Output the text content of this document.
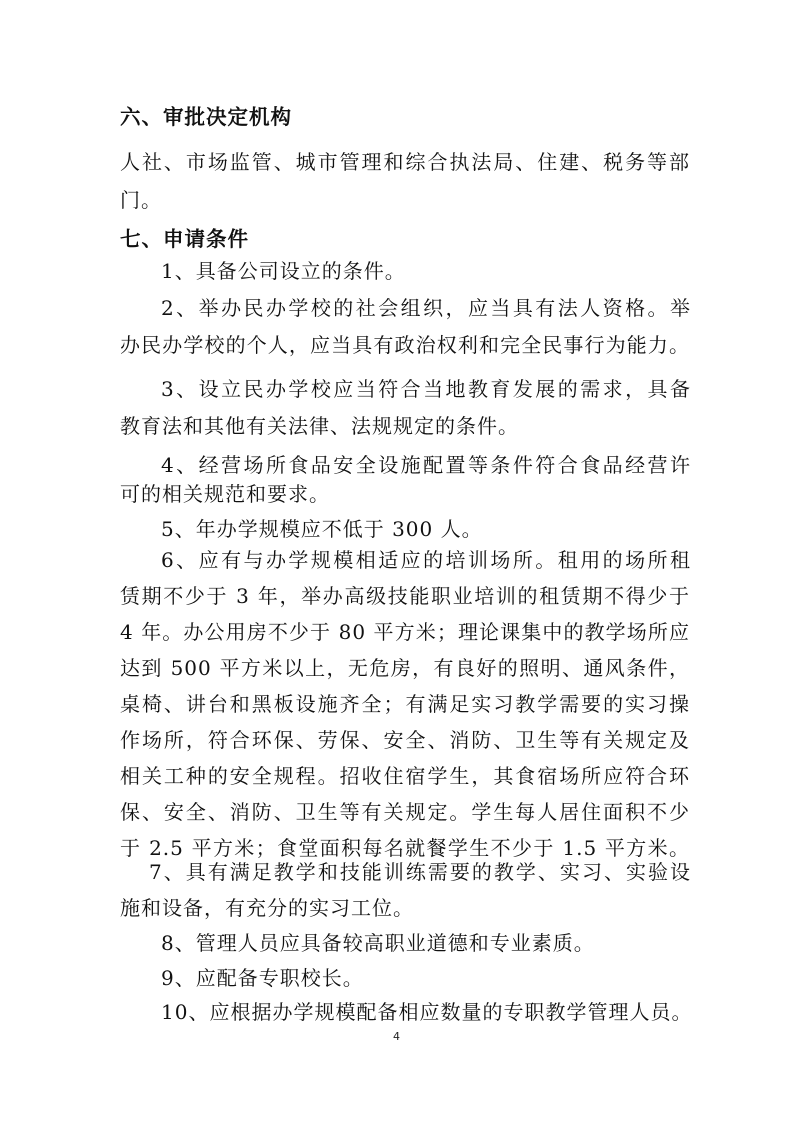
六、审批决定机构
人社、市场监管、城市管理和综合执法局、住建、税务等部
门。
七、申请条件
1、具备公司设立的条件。
2、举办民办学校的社会组织，应当具有法人资格。举
办民办学校的个人，应当具有政治权利和完全民事行为能力。
3、设立民办学校应当符合当地教育发展的需求，具备
教育法和其他有关法律、法规规定的条件。
4、经营场所食品安全设施配置等条件符合食品经营许
可的相关规范和要求。
5、年办学规模应不低于 300 人。
6、应有与办学规模相适应的培训场所。租用的场所租
赁期不少于 3 年，举办高级技能职业培训的租赁期不得少于
4 年。办公用房不少于 80 平方米；理论课集中的教学场所应
达到 500 平方米以上，无危房，有良好的照明、通风条件，
桌椅、讲台和黑板设施齐全；有满足实习教学需要的实习操
作场所，符合环保、劳保、安全、消防、卫生等有关规定及
相关工种的安全规程。招收住宿学生，其食宿场所应符合环
保、安全、消防、卫生等有关规定。学生每人居住面积不少
于 2.5 平方米；食堂面积每名就餐学生不少于 1.5 平方米。
7、具有满足教学和技能训练需要的教学、实习、实验设
施和设备，有充分的实习工位。
8、管理人员应具备较高职业道德和专业素质。
9、应配备专职校长。
10、应根据办学规模配备相应数量的专职教学管理人员。
4
